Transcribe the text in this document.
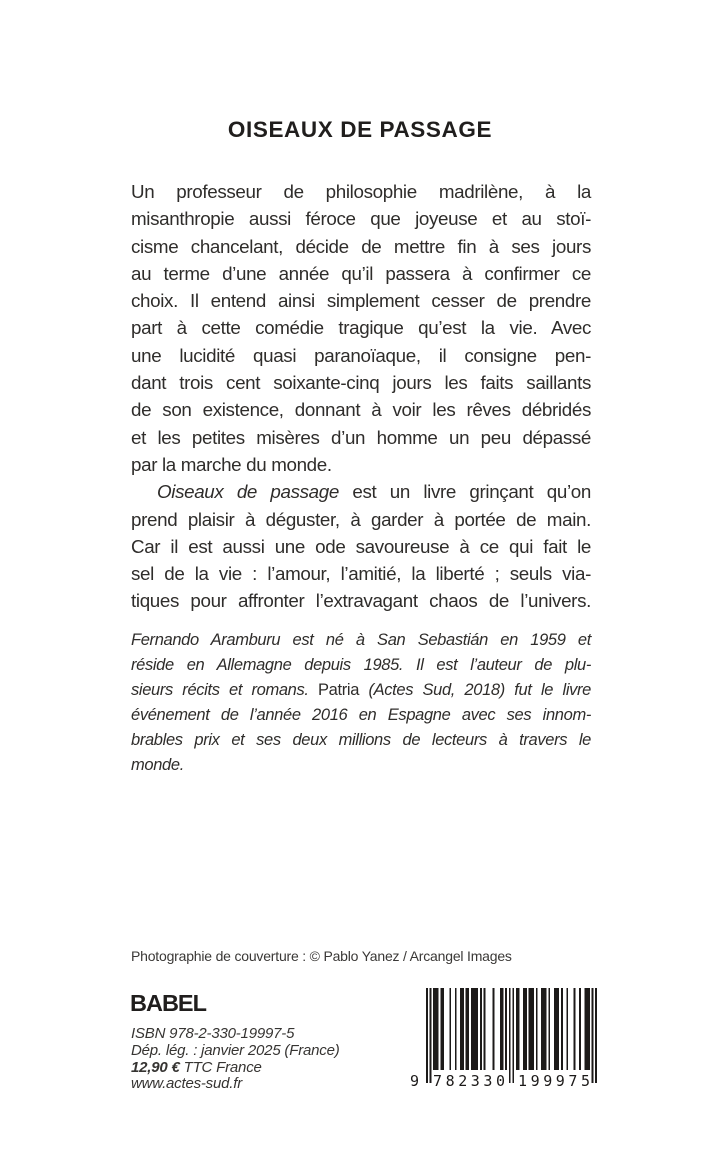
OISEAUX DE PASSAGE
Un professeur de philosophie madrilène, à la
misanthropie aussi féroce que joyeuse et au stoï-
cisme chancelant, décide de mettre fin à ses jours
au terme d’une année qu’il passera à confirmer ce
choix. Il entend ainsi simplement cesser de prendre
part à cette comédie tragique qu’est la vie. Avec
une lucidité quasi paranoïaque, il consigne pen-
dant trois cent soixante-cinq jours les faits saillants
de son existence, donnant à voir les rêves débridés
et les petites misères d’un homme un peu dépassé
par la marche du monde.
Oiseaux de passage est un livre grinçant qu’on
prend plaisir à déguster, à garder à portée de main.
Car il est aussi une ode savoureuse à ce qui fait le
sel de la vie : l’amour, l’amitié, la liberté ; seuls via-
tiques pour affronter l’extravagant chaos de l’univers.
Fernando Aramburu est né à San Sebastián en 1959 et
réside en Allemagne depuis 1985. Il est l’auteur de plu-
sieurs récits et romans. Patria (Actes Sud, 2018) fut le livre
événement de l’année 2016 en Espagne avec ses innom-
brables prix et ses deux millions de lecteurs à travers le
monde.
Photographie de couverture : © Pablo Yanez / Arcangel Images

BABEL

ISBN 978-2-330-19997-5
Dép. lég. : janvier 2025 (France)
12,90 € TTC France
www.actes-sud.fr	9 782330 199975
